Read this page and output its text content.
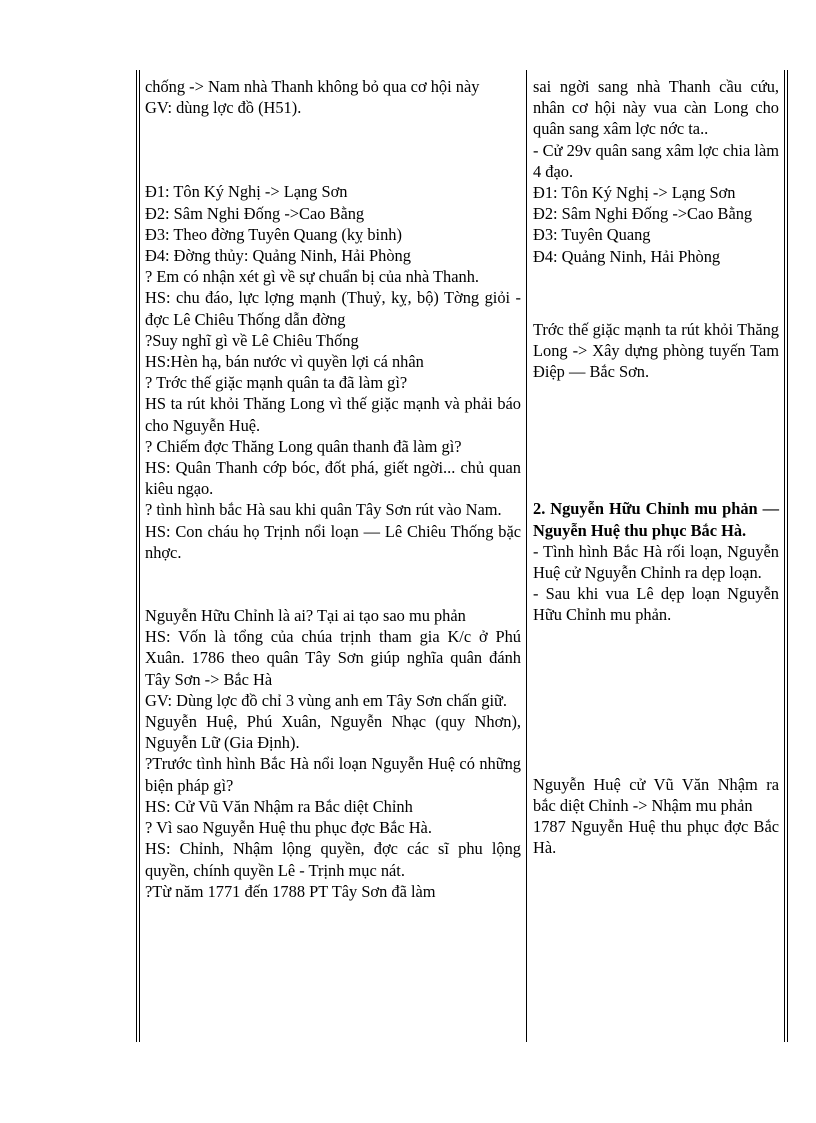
chống -> Nam nhà Thanh không bỏ qua cơ hội này

GV: dùng lợc đồ (H51).

Đ1: Tôn Ký Nghị -> Lạng Sơn

Đ2: Sâm Nghi Đống ->Cao Bằng

Đ3: Theo đờng Tuyên Quang (kỵ binh)

Đ4: Đờng thủy: Quảng Ninh, Hải Phòng

? Em có nhận xét gì về sự chuẩn bị của nhà Thanh.

HS: chu đáo, lực lợng mạnh (Thuỷ, kỵ, bộ) Tờng giỏi - đợc Lê Chiêu Thống dẫn đờng

?Suy nghĩ gì về Lê Chiêu Thống

HS:Hèn hạ, bán nước vì quyền lợi cá nhân

? Trớc thế giặc mạnh quân ta đã làm gì?

HS ta rút khỏi Thăng Long vì thế giặc mạnh và phải báo cho Nguyễn Huệ.

? Chiếm đợc Thăng Long quân thanh đã làm gì?

HS: Quân Thanh cớp bóc, đốt phá, giết ngời... chủ quan kiêu ngạo.

? tình hình bắc Hà sau khi quân Tây Sơn rút vào Nam.

HS: Con cháu họ Trịnh nổi loạn — Lê Chiêu Thống bặc nhợc.

Nguyễn Hữu Chỉnh là ai? Tại ai tạo sao mu phản

HS: Vốn là tổng của chúa trịnh tham gia K/c ở Phú Xuân. 1786 theo quân Tây Sơn giúp nghĩa quân đánh Tây Sơn -> Bắc Hà

GV: Dùng lợc đồ chỉ 3 vùng anh em Tây Sơn chấn giữ.

Nguyễn Huệ, Phú Xuân, Nguyễn Nhạc (quy Nhơn), Nguyễn Lữ (Gia Định).

?Trước tình hình Bắc Hà nổi loạn Nguyễn Huệ có những biện pháp gì?

HS: Cử Vũ Văn Nhậm ra Bắc diệt Chỉnh

? Vì sao Nguyễn Huệ thu phục đợc Bắc Hà.

HS: Chỉnh, Nhậm lộng quyền, đợc các sĩ phu lộng quyền, chính quyền Lê - Trịnh mục nát.

?Từ năm 1771 đến 1788 PT Tây Sơn đã làm

sai ngời sang nhà Thanh cầu cứu, nhân cơ hội này vua càn Long cho quân sang xâm lợc nớc ta..

- Cử 29v quân sang xâm lợc chia làm 4 đạo.

Đ1: Tôn Ký Nghị -> Lạng Sơn

Đ2: Sâm Nghi Đống ->Cao Bằng

Đ3: Tuyên Quang

Đ4: Quảng Ninh, Hải Phòng

Trớc thế giặc mạnh ta rút khỏi Thăng Long -> Xây dựng phòng tuyến Tam Điệp — Bắc Sơn.

2. Nguyễn Hữu Chỉnh mu phản —Nguyễn Huệ thu phục Bắc Hà.

- Tình hình Bắc Hà rối loạn, Nguyễn Huệ cử Nguyễn Chỉnh ra dẹp loạn.

- Sau khi vua Lê dẹp loạn Nguyễn Hữu Chỉnh mu phản.

Nguyễn Huệ cử Vũ Văn Nhậm ra bắc diệt Chỉnh -> Nhậm mu phản

1787 Nguyễn Huệ thu phục đợc Bắc Hà.
